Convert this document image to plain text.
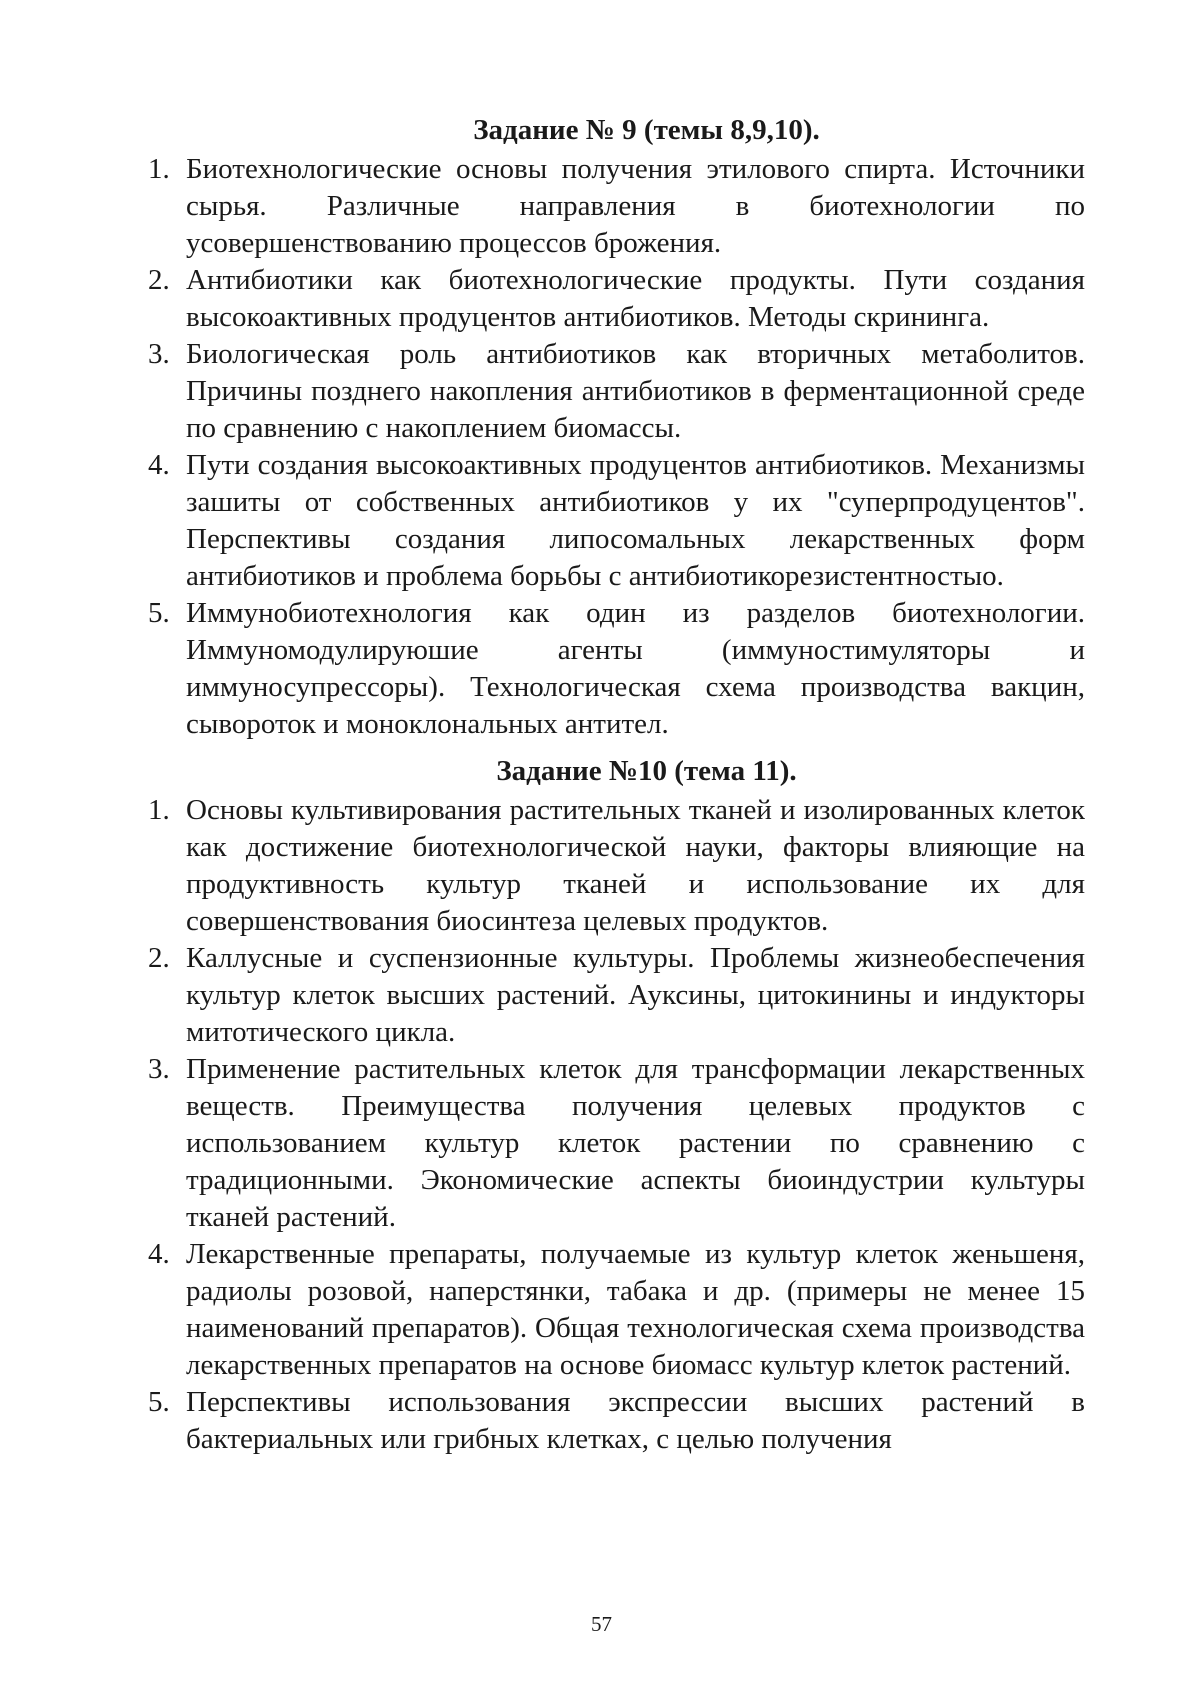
Задание № 9 (темы 8,9,10).
1. Биотехнологические основы получения этилового спирта. Источники сырья. Различные направления в биотехнологии по усовершенствованию процессов брожения.
2. Антибиотики как биотехнологические продукты. Пути создания высокоактивных продуцентов антибиотиков. Методы скрининга.
3. Биологическая роль антибиотиков как вторичных метаболитов. Причины позднего накопления антибиотиков в ферментационной среде по сравнению с накоплением биомассы.
4. Пути создания высокоактивных продуцентов антибиотиков. Механизмы зашиты от собственных антибиотиков у их "суперпродуцентов". Перспективы создания липосомальных лекарственных форм антибиотиков и проблема борьбы с антибиотикорезистентностыо.
5. Иммунобиотехнология как один из разделов биотехнологии. Иммуномодулируюшие агенты (иммуностимуляторы и иммуносупрессоры). Технологическая схема производства вакцин, сывороток и моноклональных антител.
Задание №10 (тема 11).
1. Основы культивирования растительных тканей и изолированных клеток как достижение биотехнологической науки, факторы влияющие на продуктивность культур тканей и использование их для совершенствования биосинтеза целевых продуктов.
2. Каллусные и суспензионные культуры. Проблемы жизнеобеспечения культур клеток высших растений. Ауксины, цитокинины и индукторы митотического цикла.
3. Применение растительных клеток для трансформации лекарственных веществ. Преимущества получения целевых продуктов с использованием культур клеток растении по сравнению с традиционными. Экономические аспекты биоиндустрии культуры тканей растений.
4. Лекарственные препараты, получаемые из культур клеток женьшеня, радиолы розовой, наперстянки, табака и др. (примеры не менее 15 наименований препаратов). Общая технологическая схема производства лекарственных препаратов на основе биомасс культур клеток растений.
5. Перспективы использования экспрессии высших растений в бактериальных или грибных клетках, с целью получения
57
